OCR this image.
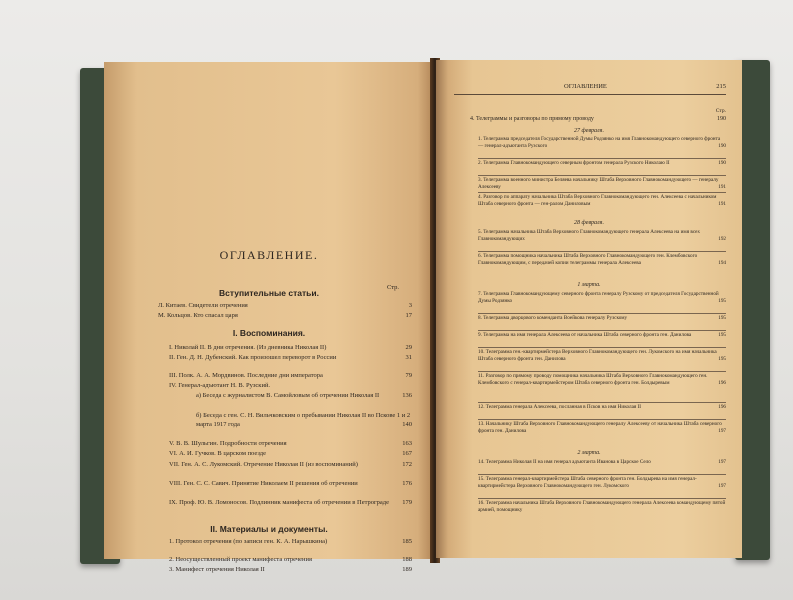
ОГЛАВЛЕНИЕ.
Стр.
Вступительные статьи.
Л. Китаев. Свидетели отречения	3
М. Кольцов. Кто спасал царя	17
I. Воспоминания.
I. Николай II. В дни отречения. (Из дневника Николая II)	29
II. Ген. Д. Н. Дубенский. Как произошел переворот в России	31
III. Полк. А. А. Мордвинов. Последние дни императора	79
IV. Генерал-адъютант Н. В. Рузский.
а) Беседа с журналистом В. Самойловым об отречении Николая II	136
б) Беседа с ген. С. Н. Вильчковским о пребывании Николая II во Пскове 1 и 2 марта 1917 года	140
V. В. В. Шульгин. Подробности отречения	163
VI. А. И. Гучков. В царском поезде	167
VII. Ген. А. С. Лукомский. Отречение Николая II (из воспоминаний)	172
VIII. Ген. С. С. Савич. Принятие Николаем II решения об отречении	176
IX. Проф. Ю. В. Ломоносов. Подлинник манифеста об отречении в Петрограде 179
II. Материалы и документы.
1. Протокол отречения (по записи ген. К. А. Нарышкина)	185
2. Неосуществленный проект манифеста отречения	188
3. Манифест отречения Николая II	189
ОГЛАВЛЕНИЕ	215
Стр.
4. Телеграммы и разговоры по прямому проводу	190
27 февраля.
1. Телеграмма председателя Государственной Думы Родзянко на имя Главнокомандующего северного фронта — генерал-адъютанта Рузского	190
2. Телеграмма Главнокомандующего северным фронтом генерала Рузского Николаю II	190
3. Телеграмма военного министра Беляева начальнику Штаба Верховного Главнокомандующего — генералу Алексееву	191
4. Разговор по аппарату начальника Штаба Верховного Главнокомандующего ген. Алексеева с начальником Штаба северного фронта — ген-ралом Даниловым	191
28 февраля.
5. Телеграмма начальника Штаба Верховного Главнокомандующего генерала Алексеева на имя всех Главнокомандующих	192
6. Телеграмма помощника начальника Штаба Верховного Главнокомандующего ген. Клембовского Главнокомандующим, с передачей копии телеграммы генерала Алексеева	194
1 марта.
7. Телеграмма Главнокомандующему северного фронта генералу Рузскому от председателя Государственной Думы Родзянко	195
8. Телеграмма дворцового коменданта Воейкова генералу Рузскому	195
9. Телеграмма на имя генерала Алексеева от начальника Штаба северного фронта ген. Данилова	195
10. Телеграмма ген.-квартирмейстера Верховного Главнокомандующего ген. Лукомского на имя начальника Штаба северного фронта ген. Данилова	195
11. Разговор по прямому проводу помощника начальника Штаба Верховного Главнокомандующего ген. Клембовского с генерал-квартирмейстером Штаба северного фронта ген. Болдыревым	196
12. Телеграмма генерала Алексеева, посланная в Псков на имя Николая II	196
13. Начальнику Штаба Верховного Главнокомандующего генералу Алексееву от начальника Штаба северного фронта ген. Данилова	197
2 марта.
14. Телеграмма Николая II на имя генерал адъютанта Иванова в Царское Село	197
15. Телеграмма генерал-квартирмейстера Штаба северного фронта ген. Болдырева на имя генерал-квартирмейстера Верховного Главнокомандующего ген. Лукомского	197
16. Телеграмма начальника Штаба Верховного Главнокомандующего генерала Алексеева командующему пятой армией, помощнику
